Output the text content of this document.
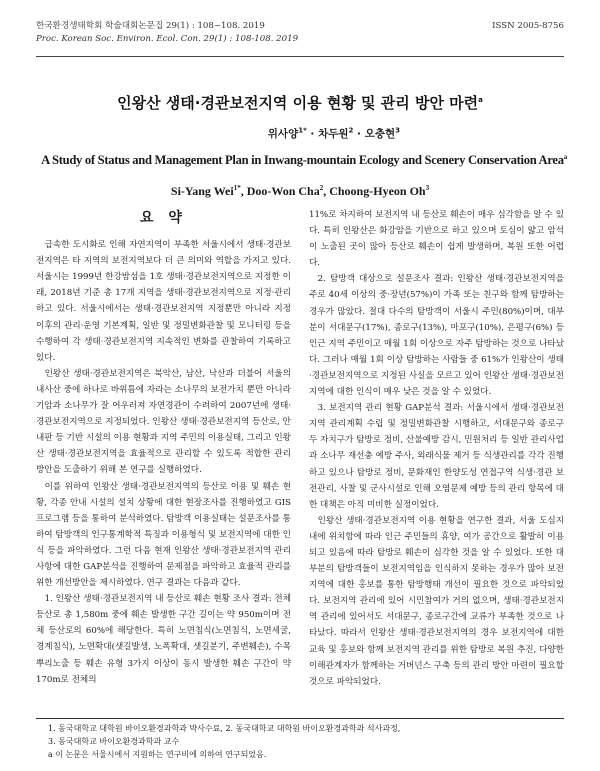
한국환경생태학회 학술대회논문집 29(1) : 108~108. 2019	ISSN 2005-8756
Proc. Korean Soc. Environ. Ecol. Con. 29(1) : 108-108. 2019
인왕산 생태·경관보전지역 이용 현황 및 관리 방안 마련$^a$
위사양$^{1*}$ · 차두원$^2$ · 오충현$^3$
A Study of Status and Management Plan in Inwang-mountain Ecology and Scenery Conservation Area$^a$
Si-Yang Wei$^{1*}$, Doo-Won Cha$^2$, Choong-Hyeon Oh$^3$
요 약

급속한 도시화로 인해 자연지역이 부족한 서울시에서 생태·경관보전지역은 타 지역의 보전지역보다 더 큰 의미와 역할을 가지고 있다. 서울시는 1999년 한강밤섬을 1호 생태·경관보전지역으로 지정한 이래, 2018년 기준 총 17개 지역을 생태·경관보전지역으로 지정·관리하고 있다. 서울시에서는 생태·경관보전지역 지정뿐만 아니라 지정 이후의 관리·운영 기본계획, 일반 및 정밀변화관찰 및 모니터링 등을 수행하여 각 생태·경관보전지역 지속적인 변화를 관찰하여 기록하고 있다.

인왕산 생태·경관보전지역은 북악산, 남산, 낙산과 더불어 서울의 내사산 중에 하나로 바위틈에 자라는 소나무의 보전가치 뿐만 아니라 기암과 소나무가 잘 어우러져 자연경관이 수려하여 2007년에 생태·경관보전지역으로 지정되었다. 인왕산 생태·경관보전지역 등산로, 안내판 등 기반 시설의 이용 현황과 지역 주민의 이용실태, 그리고 인왕산 생태·경관보전지역을 효율적으로 관리할 수 있도록 적합한 관리 방안을 도출하기 위해 본 연구를 실행하였다.

이를 위하여 인왕산 생태·경관보전지역의 등산로 이용 및 훼손 현황, 각종 안내 시설의 설치 상황에 대한 현장조사를 진행하였고 GIS 프로그램 등을 통하여 분석하였다. 탐방객 이용실태는 설문조사를 통하여 탐방객의 인구통계학적 특징과 이용형식 및 보전지역에 대한 인식 등을 파악하였다. 그런 다음 현재 인왕산 생태·경관보전지역 관리 사항에 대한 GAP분석을 진행하여 문제점을 파악하고 효율적 관리를 위한 개선방안을 제시하였다. 연구 결과는 다음과 같다.

1. 인왕산 생태·경관보전지역 내 등산로 훼손 현황 조사 결과: 전체 등산로 총 1,580m 중에 훼손 발생한 구간 길이는 약 950m이며 전체 등산로의 60%에 해당한다. 특히 노면침식(노면침식, 노면세굴, 경계침식), 노면확대(샛길발생, 노폭확대, 샛길분기, 주변훼손), 수목뿌리노출 등 훼손 유형 3가지 이상이 동시 발생한 훼손 구간이 약 170m로 전체의

11%로 차지하여 보전지역 내 등산로 훼손이 매우 심각함을 알 수 있다. 특히 인왕산은 화강암을 기반으로 하고 있으며 토심이 얇고 암석이 노출된 곳이 많아 등산로 훼손이 쉽게 발생하며, 복원 또한 어렵다.

2. 탐방객 대상으로 설문조사 결과: 인왕산 생태·경관보전지역을 주로 40세 이상의 중·장년(57%)이 가족 또는 친구와 함께 탐방하는 경우가 많았다. 절대 다수의 탐방객이 서울시 주민(80%)이며, 대부분이 서대문구(17%), 종로구(13%), 마포구(10%), 은평구(6%) 등 인근 지역 주민이고 매월 1회 이상으로 자주 탐방하는 것으로 나타났다. 그러나 매월 1회 이상 탐방하는 사람들 중 61%가 인왕산이 생태·경관보전지역으로 지정된 사실을 모르고 있어 인왕산 생태·경관보전지역에 대한 인식이 매우 낮은 것을 알 수 있었다.

3. 보전지역 관리 현황 GAP분석 결과: 서울시에서 생태·경관보전지역 관리계획 수립 및 정밀변화관찰 시행하고, 서대문구와 종로구 두 자치구가 탐방로 정비, 산불예방 감시, 민원처리 등 일반 관리사업과 소나무 재선충 예방 주사, 외래식물 제거 등 식생관리를 각각 진행하고 있으나 탐방로 정비, 문화재인 한양도성 연접구역 식생·경관 보전관리, 사찰 및 군사시설로 인해 오염문제 예방 등의 관리 항목에 대한 대책은 아직 미비한 실정이었다.

인왕산 생태·경관보전지역 이용 현황을 연구한 결과, 서울 도심지 내에 위치함에 따라 인근 주민들의 휴양, 여가 공간으로 활발히 이용되고 있음에 따라 탐방로 훼손이 심각한 것을 알 수 있었다. 또한 대부분의 탐방객들이 보전지역임을 인식하지 못하는 경우가 많아 보전지역에 대한 홍보를 통한 탐방행태 개선이 필요한 것으로 파악되었다. 보전지역 관리에 있어 시민참여가 거의 없으며, 생태·경관보전지역 관리에 있어서도 서대문구, 종로구간에 교류가 부족한 것으로 나타났다. 따라서 인왕산 생태·경관보전지역의 경우 보전지역에 대한 교육 및 홍보와 함께 보전지역 관리를 위한 탐방로 복원 추진, 다양한 이해관계자가 함께하는 거버넌스 구축 등의 관리 방안 마련이 필요할 것으로 파악되었다.

1. 동국대학교 대학원 바이오환경과학과 박사수료, 2. 동국대학교 대학원 바이오환경과학과 석사과정,
3. 동국대학교 바이오환경과학과 교수
a 이 논문은 서울시에서 지원하는 연구비에 의하여 연구되었음.
